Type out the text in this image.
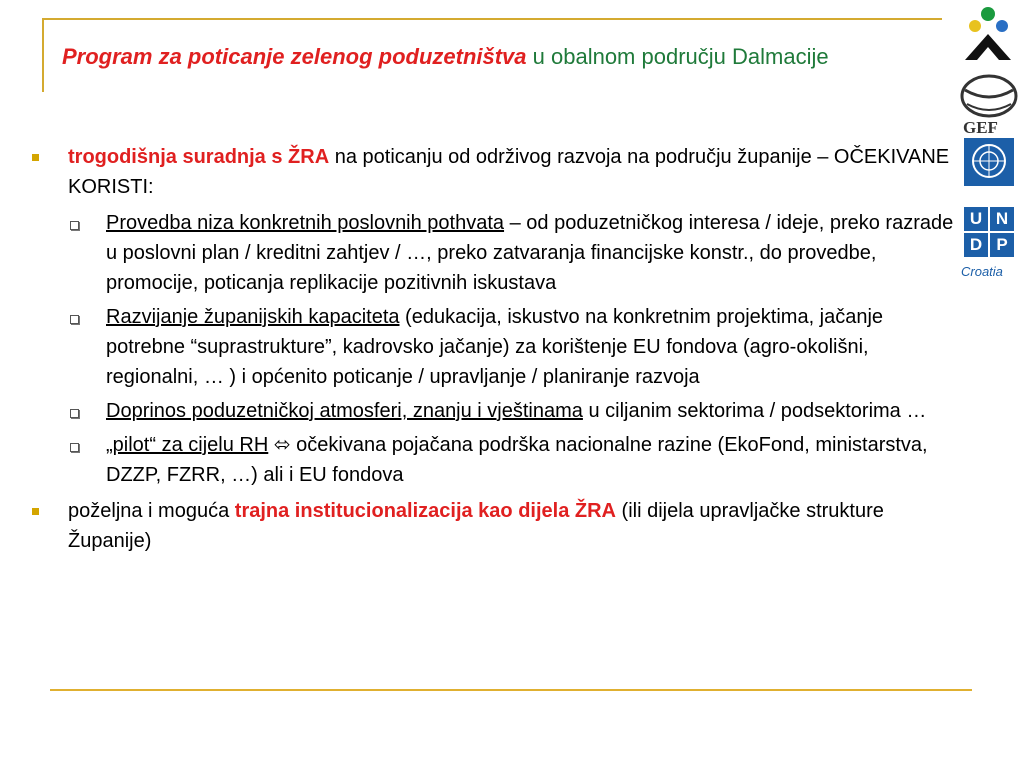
Program za poticanje zelenog poduzetništva u obalnom području Dalmacije
trogodišnja suradnja s ŽRA na poticanju od održivog razvoja na području županije – OČEKIVANE KORISTI:
Provedba niza konkretnih poslovnih pothvata – od poduzetničkog interesa / ideje, preko razrade u poslovni plan / kreditni zahtjev / …, preko zatvaranja financijske konstr., do provedbe, promocije, poticanja replikacije pozitivnih iskustava
Razvijanje županijskih kapaciteta (edukacija, iskustvo na konkretnim projektima, jačanje potrebne “suprastrukture”, kadrovsko jačanje) za korištenje EU fondova (agro-okolišni, regionalni, … ) i općenito poticanje / upravljanje / planiranje razvoja
Doprinos poduzetničkoj atmosferi, znanju i vještinama u ciljanim sektorima / podsektorima …
„pilot“ za cijelu RH ⬄ očekivana pojačana podrška nacionalne razine (EkoFond, ministarstva, DZZP, FZRR, …) ali i EU fondova
poželjna i moguća trajna institucionalizacija kao dijela ŽRA (ili dijela upravljačke strukture Županije)
GEF
U N
D P
Croatia
